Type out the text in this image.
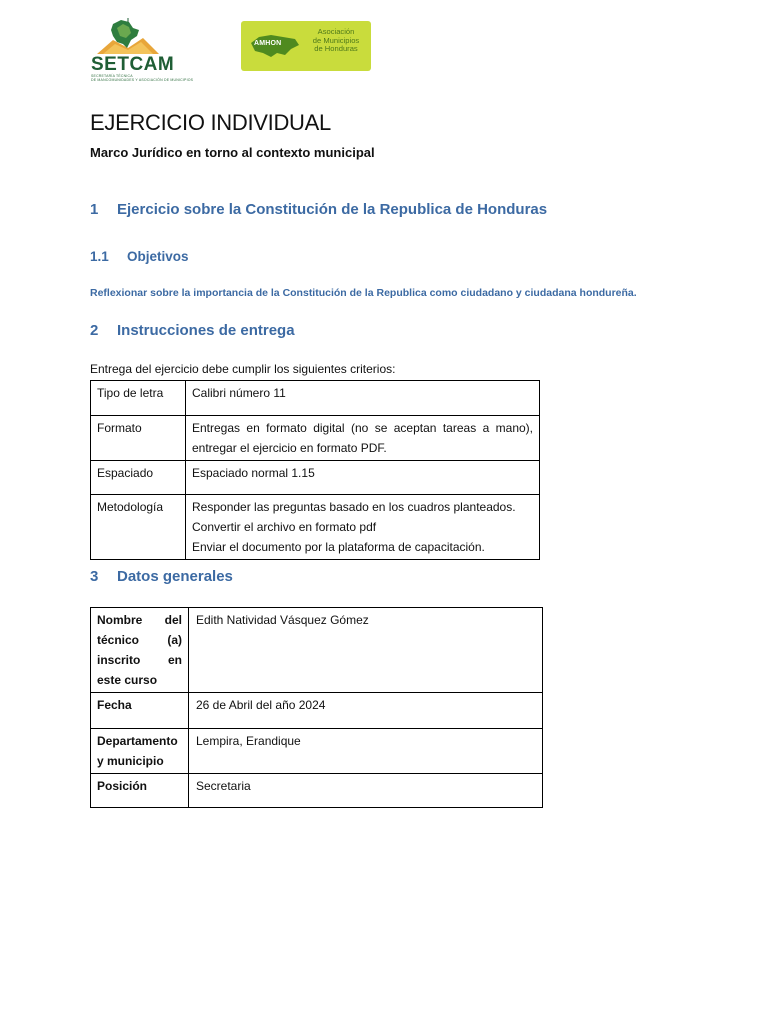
SETCAM
SECRETARÍA TÉCNICA
DE MANCOMUNIDADES Y ASOCIACIÓN DE MUNICIPIOS
AMHON
Asociación
de Municipios
de Honduras
EJERCICIO INDIVIDUAL
Marco Jurídico en torno al contexto municipal
1 Ejercicio sobre la Constitución de la Republica de Honduras
1.1 Objetivos
Reflexionar sobre la importancia de la Constitución de la Republica como ciudadano y ciudadana hondureña.
2 Instrucciones de entrega
Entrega del ejercicio debe cumplir los siguientes criterios:
Tipo de letra	Calibri número 11

Formato	Entregas en formato digital (no se aceptan tareas a mano),
entregar el ejercicio en formato PDF.

Espaciado	Espaciado normal 1.15

Metodología	Responder las preguntas basado en los cuadros planteados.
Convertir el archivo en formato pdf
Enviar el documento por la plataforma de capacitación.
3 Datos generales
Nombre del
técnico (a)
inscrito en
este curso	Edith Natividad Vásquez Gómez

Fecha	26 de Abril del año 2024

Departamento
y municipio	Lempira, Erandique

Posición	Secretaria
